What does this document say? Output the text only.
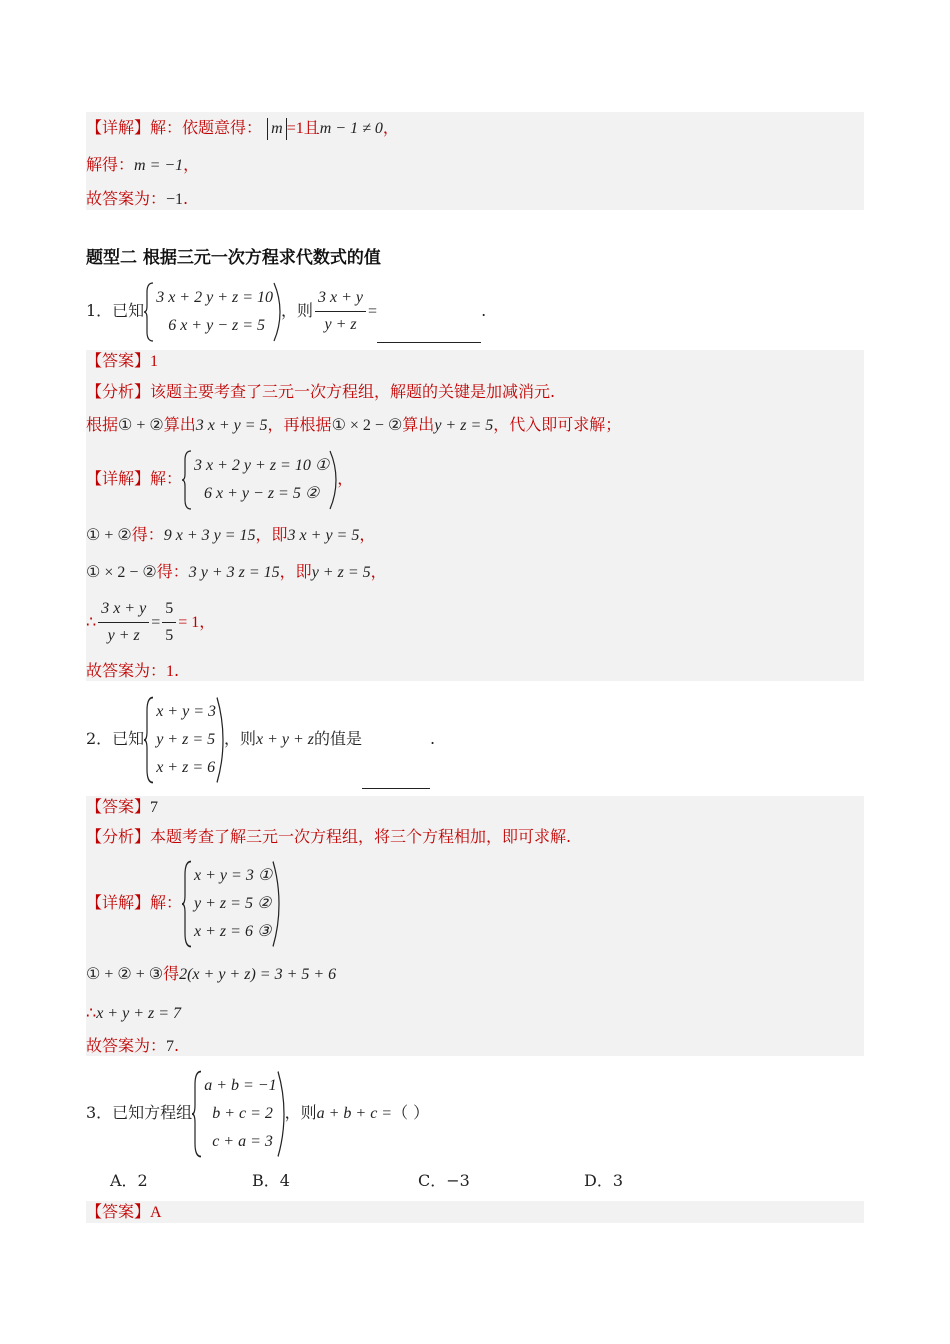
【详解】解：依题意得： m =1且m − 1 ≠ 0，
解得：m = −1，
故答案为：−1.
题型二 根据三元一次方程求代数式的值
1．已知
3 x + 2 y + z = 10
6 x + y − z = 5
，则 $\frac{3 x + y}{y + z}$ =	.
【答案】1
【分析】该题主要考查了三元一次方程组，解题的关键是加减消元.
根据① + ②算出3 x + y = 5，再根据① × 2 − ②算出y + z = 5，代入即可求解；
【详解】解：
3 x + 2 y + z = 10 ①
6 x + y − z = 5 ②
，
① + ②得：9 x + 3 y = 15，即3 x + y = 5，
① × 2 − ②得：3 y + 3 z = 15，即y + z = 5，
∴ $\frac{3 x + y}{y + z} = \frac{5}{5} = 1$，
故答案为：1.
2．已知
x + y = 3
y + z = 5
x + z = 6
，则x + y + z的值是	.
【答案】7
【分析】本题考查了解三元一次方程组，将三个方程相加，即可求解.
【详解】解：
x + y = 3 ①
y + z = 5 ②
x + z = 6 ③
① + ② + ③得2(x + y + z) = 3 + 5 + 6
∴x + y + z = 7
故答案为：7.
3．已知方程组
a + b = −1
b + c = 2
c + a = 3
，则a + b + c =（ ）
A．2	B．4	C．−3	D．3
【答案】A
